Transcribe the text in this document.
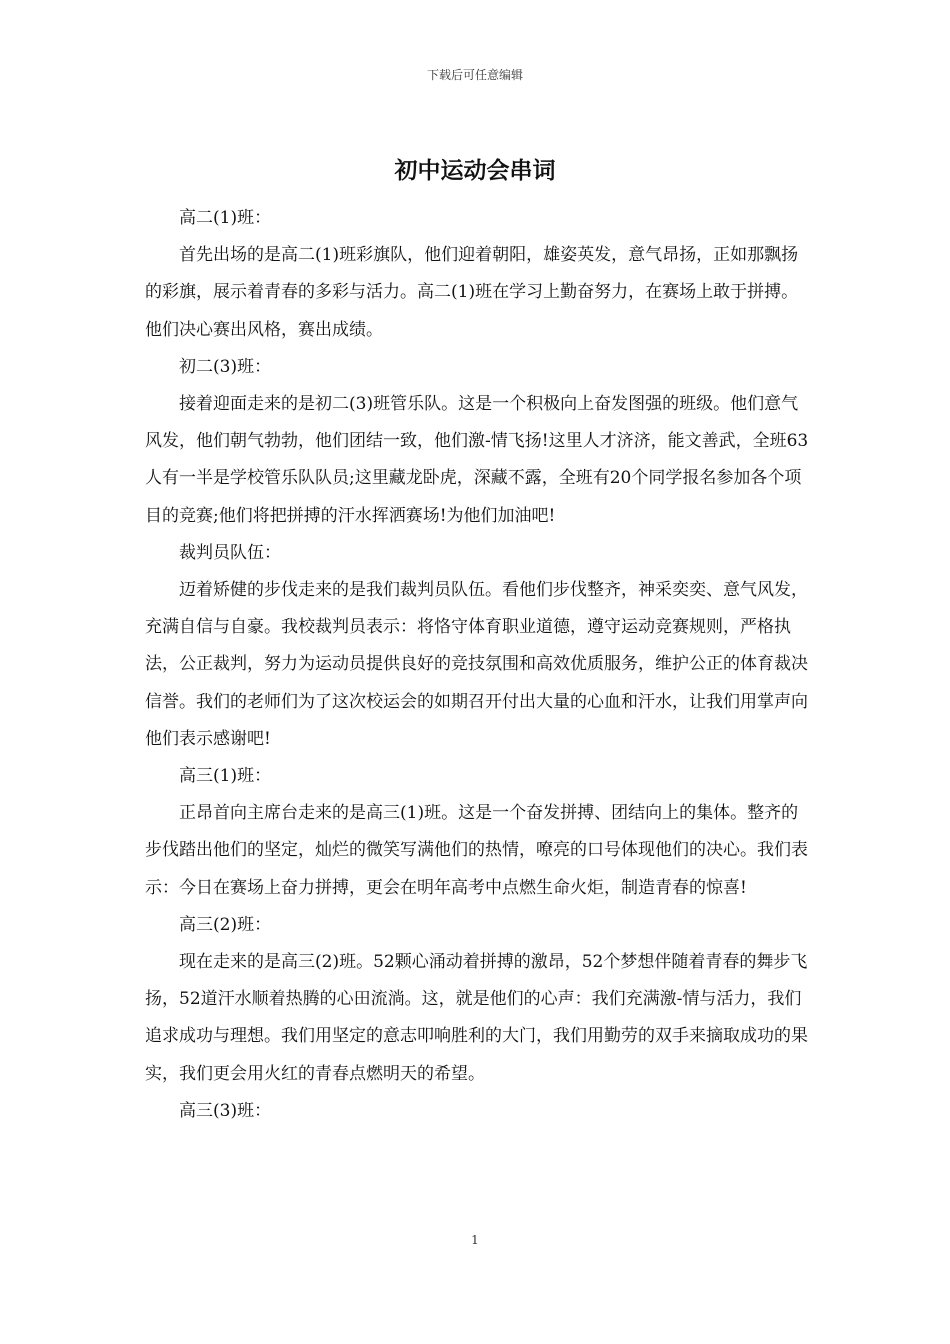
下载后可任意编辑
初中运动会串词

高二(1)班：

首先出场的是高二(1)班彩旗队，他们迎着朝阳，雄姿英发，意气昂扬，正如那飘扬的彩旗，展示着青春的多彩与活力。高二(1)班在学习上勤奋努力，在赛场上敢于拼搏。他们决心赛出风格，赛出成绩。

初二(3)班：

接着迎面走来的是初二(3)班管乐队。这是一个积极向上奋发图强的班级。他们意气风发，他们朝气勃勃，他们团结一致，他们激-情飞扬!这里人才济济，能文善武，全班63人有一半是学校管乐队队员;这里藏龙卧虎，深藏不露，全班有20个同学报名参加各个项目的竞赛;他们将把拼搏的汗水挥洒赛场!为他们加油吧!

裁判员队伍：

迈着矫健的步伐走来的是我们裁判员队伍。看他们步伐整齐，神采奕奕、意气风发，充满自信与自豪。我校裁判员表示：将恪守体育职业道德，遵守运动竞赛规则，严格执法，公正裁判，努力为运动员提供良好的竞技氛围和高效优质服务，维护公正的体育裁决信誉。我们的老师们为了这次校运会的如期召开付出大量的心血和汗水，让我们用掌声向他们表示感谢吧!

高三(1)班：

正昂首向主席台走来的是高三(1)班。这是一个奋发拼搏、团结向上的集体。整齐的步伐踏出他们的坚定，灿烂的微笑写满他们的热情，嘹亮的口号体现他们的决心。我们表示：今日在赛场上奋力拼搏，更会在明年高考中点燃生命火炬，制造青春的惊喜!

高三(2)班：

现在走来的是高三(2)班。52颗心涌动着拼搏的激昂，52个梦想伴随着青春的舞步飞扬，52道汗水顺着热腾的心田流淌。这，就是他们的心声：我们充满激-情与活力，我们追求成功与理想。我们用坚定的意志叩响胜利的大门，我们用勤劳的双手来摘取成功的果实，我们更会用火红的青春点燃明天的希望。

高三(3)班：

1
